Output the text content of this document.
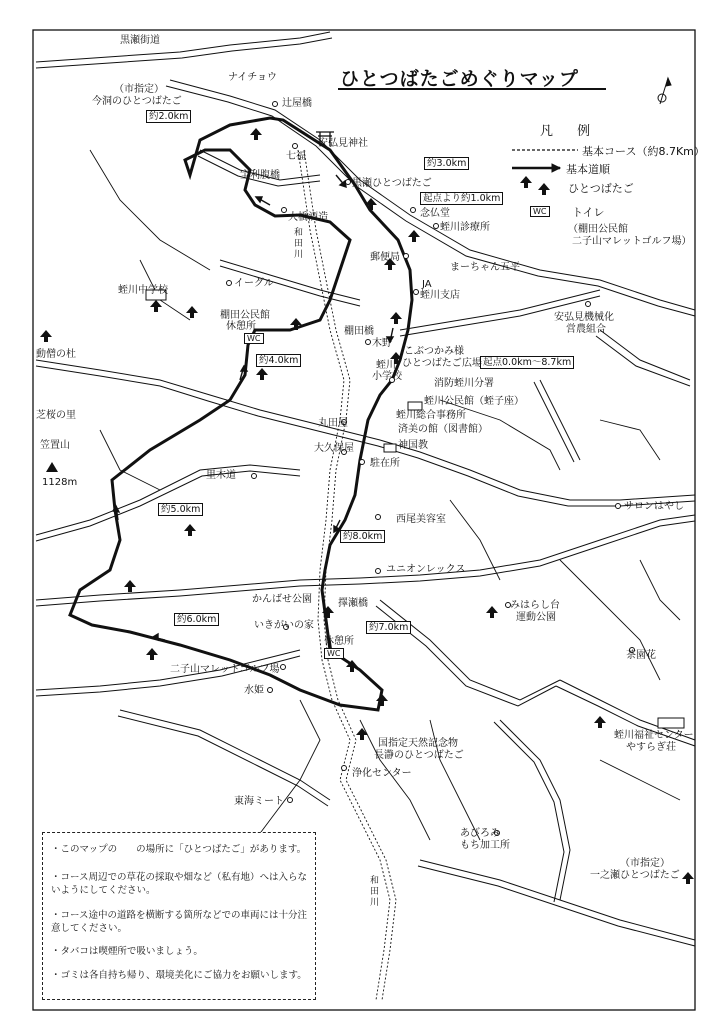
ひとつばたごめぐりマップ
凡 例
基本コース（約8.7Km）
基本道順
ひとつばたご
WC トイレ
（棚田公民館
二子山マレットゴルフ場）
約2.0km
約3.0km
起点より約1.0km
約4.0km	起点0.0km〜8.7km
約5.0km
約8.0km
約6.0km
約7.0km
黒瀬街道
（市指定）
今洞のひとつばたご
ナイチョウ
辻屋橋
安弘見神社
七福
宝利腹橋
黒瀬ひとつばたご
大橋酒造	念仏堂
蛭川診療所
郵便局
まーちゃん五平
和田川
イーグル	JA
蛭川支店
蛭川中学校
棚田公民館
休憩所
WC
安弘見機械化
営農組合
棚田橋
木野
こぶつかみ様
ひとつばたご 広場
動僧の杜
蛭川
小学校
消防蛭川分署
芝桜の里
蛭川公民館（蛭子座）
蛭川総合事務所
済美の館（図書館）
丸田屋
神国教
大久保屋
駐在所
笠置山
1128m
里木道
サロンはやし
西尾美容室
ユニオンレックス
かんばせ公園	擇瀬橋
いきがいの家
みはらし台
運動公園
休憩所
WC	茶園花
二子山マレットゴルフ場
水姫
蛭川福祉センター
やすらぎ荘
国指定天然記念物
長瀞のひとつばたご
浄化センター
東海ミート
あびろみ
もち加工所
和田川
（市指定）
一之瀬ひとつばたご
・このマップの　　の場所に「ひとつばたご」があります。
・コース周辺での草花の採取や畑など（私有地）へは入らないようにしてください。
・コース途中の道路を横断する箇所などでの車両には十分注意してください。
・タバコは喫煙所で吸いましょう。
・ゴミは各自持ち帰り、環境美化にご協力をお願いします。
